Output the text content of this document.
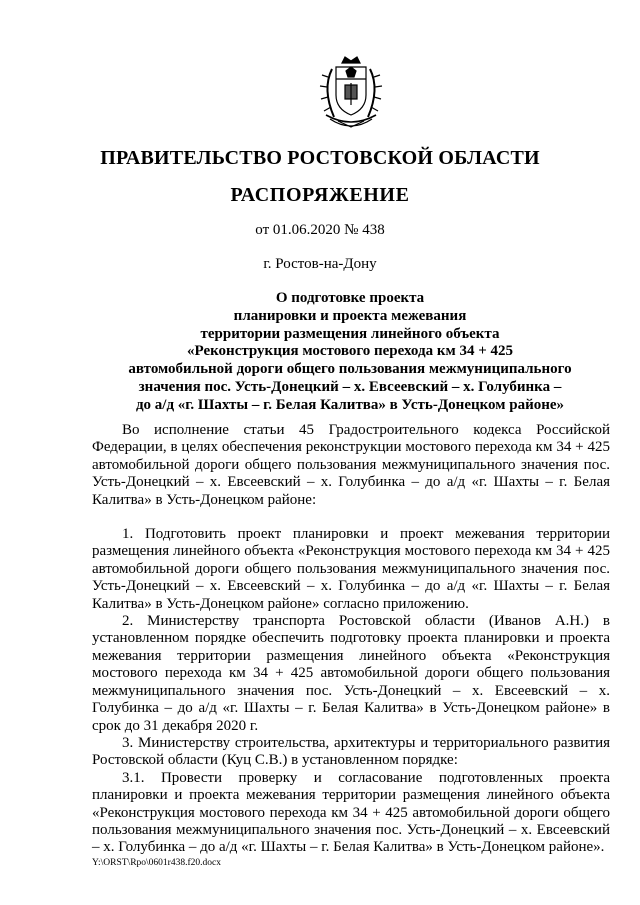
ПРАВИТЕЛЬСТВО РОСТОВСКОЙ ОБЛАСТИ
РАСПОРЯЖЕНИЕ
от 01.06.2020 № 438
г. Ростов-на-Дону
О подготовке проекта
планировки и проекта межевания
территории размещения линейного объекта
«Реконструкция мостового перехода км 34 + 425
автомобильной дороги общего пользования межмуниципального
значения пос. Усть-Донецкий – х. Евсеевский – х. Голубинка –
до а/д «г. Шахты – г. Белая Калитва» в Усть-Донецком районе»

Во исполнение статьи 45 Градостроительного кодекса Российской Федерации, в целях обеспечения реконструкции мостового перехода км 34 + 425 автомобильной дороги общего пользования межмуниципального значения пос. Усть-Донецкий – х. Евсеевский – х. Голубинка – до а/д «г. Шахты – г. Белая Калитва» в Усть-Донецком районе:

1. Подготовить проект планировки и проект межевания территории размещения линейного объекта «Реконструкция мостового перехода км 34 + 425 автомобильной дороги общего пользования межмуниципального значения пос. Усть-Донецкий – х. Евсеевский – х. Голубинка – до а/д «г. Шахты – г. Белая Калитва» в Усть-Донецком районе» согласно приложению.

2. Министерству транспорта Ростовской области (Иванов А.Н.) в установленном порядке обеспечить подготовку проекта планировки и проекта межевания территории размещения линейного объекта «Реконструкция мостового перехода км 34 + 425 автомобильной дороги общего пользования межмуниципального значения пос. Усть-Донецкий – х. Евсеевский – х. Голубинка – до а/д «г. Шахты – г. Белая Калитва» в Усть-Донецком районе» в срок до 31 декабря 2020 г.

3. Министерству строительства, архитектуры и территориального развития Ростовской области (Куц С.В.) в установленном порядке:

3.1. Провести проверку и согласование подготовленных проекта планировки и проекта межевания территории размещения линейного объекта «Реконструкция мостового перехода км 34 + 425 автомобильной дороги общего пользования межмуниципального значения пос. Усть-Донецкий – х. Евсеевский – х. Голубинка – до а/д «г. Шахты – г. Белая Калитва» в Усть-Донецком районе».

Y:\ORST\Rpo\0601r438.f20.docx
